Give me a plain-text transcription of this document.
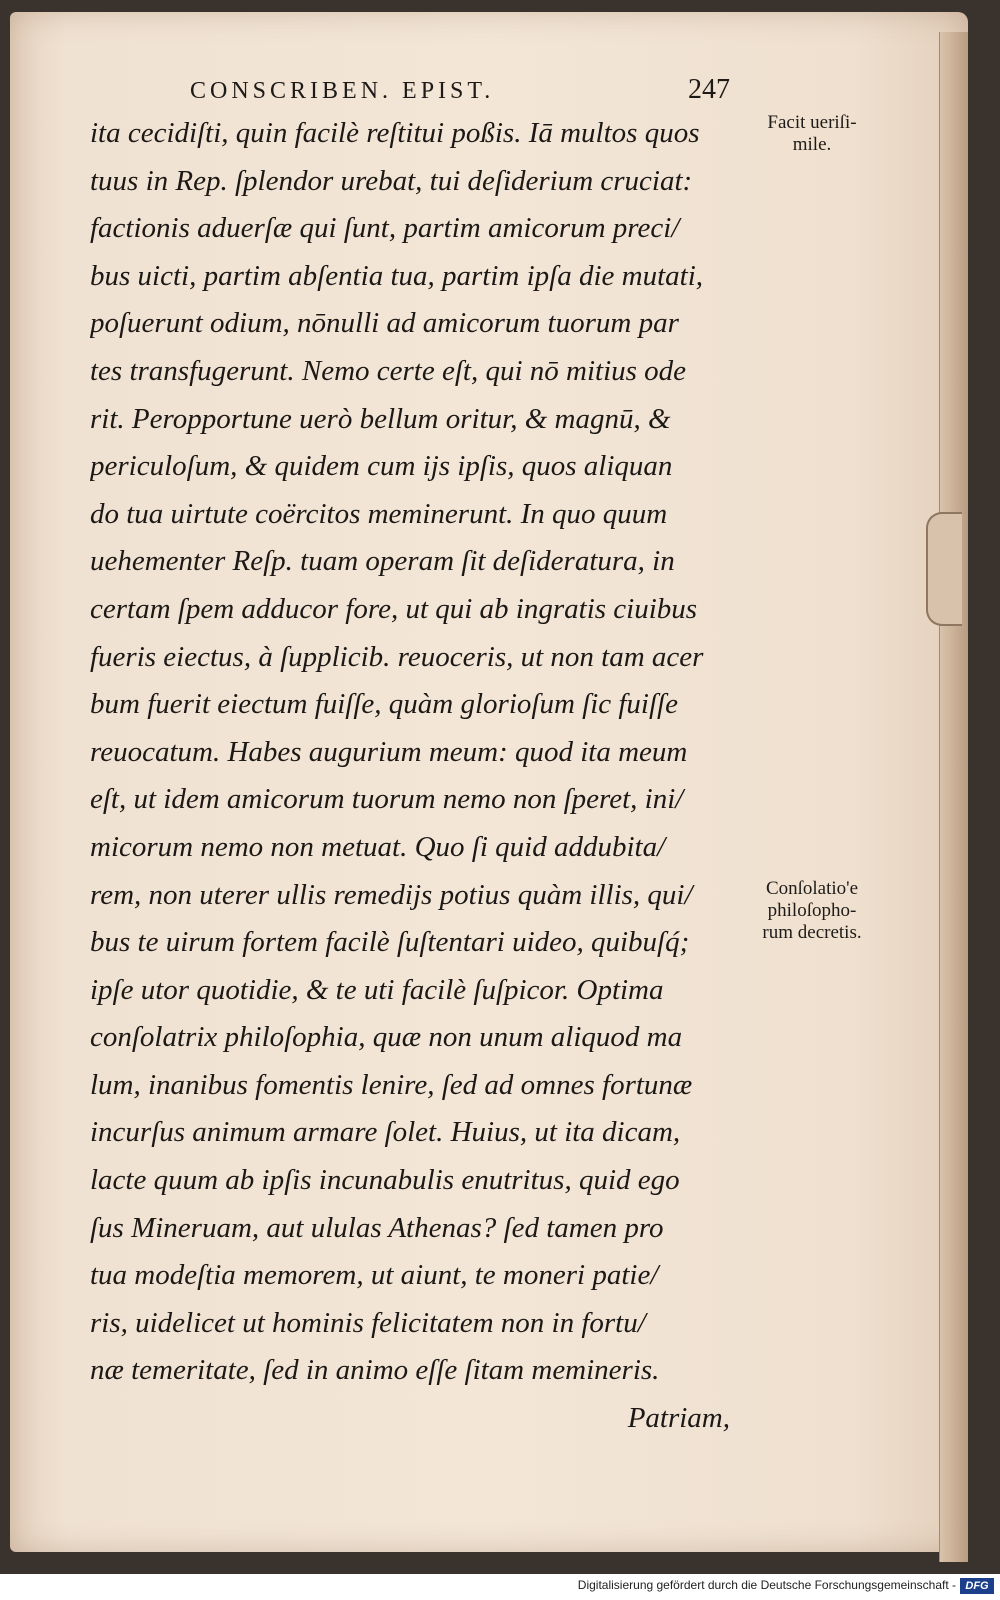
CONSCRIBEN. EPIST.	247
ita cecidiſti, quin facilè reſtitui poßis. Iā multos quos
tuus in Rep. ſplendor urebat, tui deſiderium cruciat:
factionis aduerſæ qui ſunt, partim amicorum preci/
bus uicti, partim abſentia tua, partim ipſa die mutati,
poſuerunt odium, nōnulli ad amicorum tuorum par
tes transfugerunt. Nemo certe eſt, qui nō mitius ode
rit. Peropportune uerò bellum oritur, & magnū, &
periculoſum, & quidem cum ijs ipſis, quos aliquan
do tua uirtute coërcitos meminerunt. In quo quum
uehementer Reſp. tuam operam ſit deſideratura, in
certam ſpem adducor fore, ut qui ab ingratis ciuibus
fueris eiectus, à ſupplicib. reuoceris, ut non tam acer
bum fuerit eiectum fuiſſe, quàm glorioſum ſic fuiſſe
reuocatum. Habes augurium meum: quod ita meum
eſt, ut idem amicorum tuorum nemo non ſperet, ini/
micorum nemo non metuat. Quo ſi quid addubita/
rem, non uterer ullis remedijs potius quàm illis, qui/
bus te uirum fortem facilè ſuſtentari uideo, quibuſq́;
ipſe utor quotidie, & te uti facilè ſuſpicor. Optima
conſolatrix philoſophia, quæ non unum aliquod ma
lum, inanibus fomentis lenire, ſed ad omnes fortunæ
incurſus animum armare ſolet. Huius, ut ita dicam,
lacte quum ab ipſis incunabulis enutritus, quid ego
ſus Mineruam, aut ululas Athenas? ſed tamen pro
tua modeſtia memorem, ut aiunt, te moneri patie/
ris, uidelicet ut hominis felicitatem non in fortu/
næ temeritate, ſed in animo eſſe ſitam memineris.
Patriam,
Facit ueriſi-
mile.
Conſolatio'e
philoſopho-
rum decretis.
Digitalisierung gefördert durch die Deutsche Forschungsgemeinschaft - DFG
